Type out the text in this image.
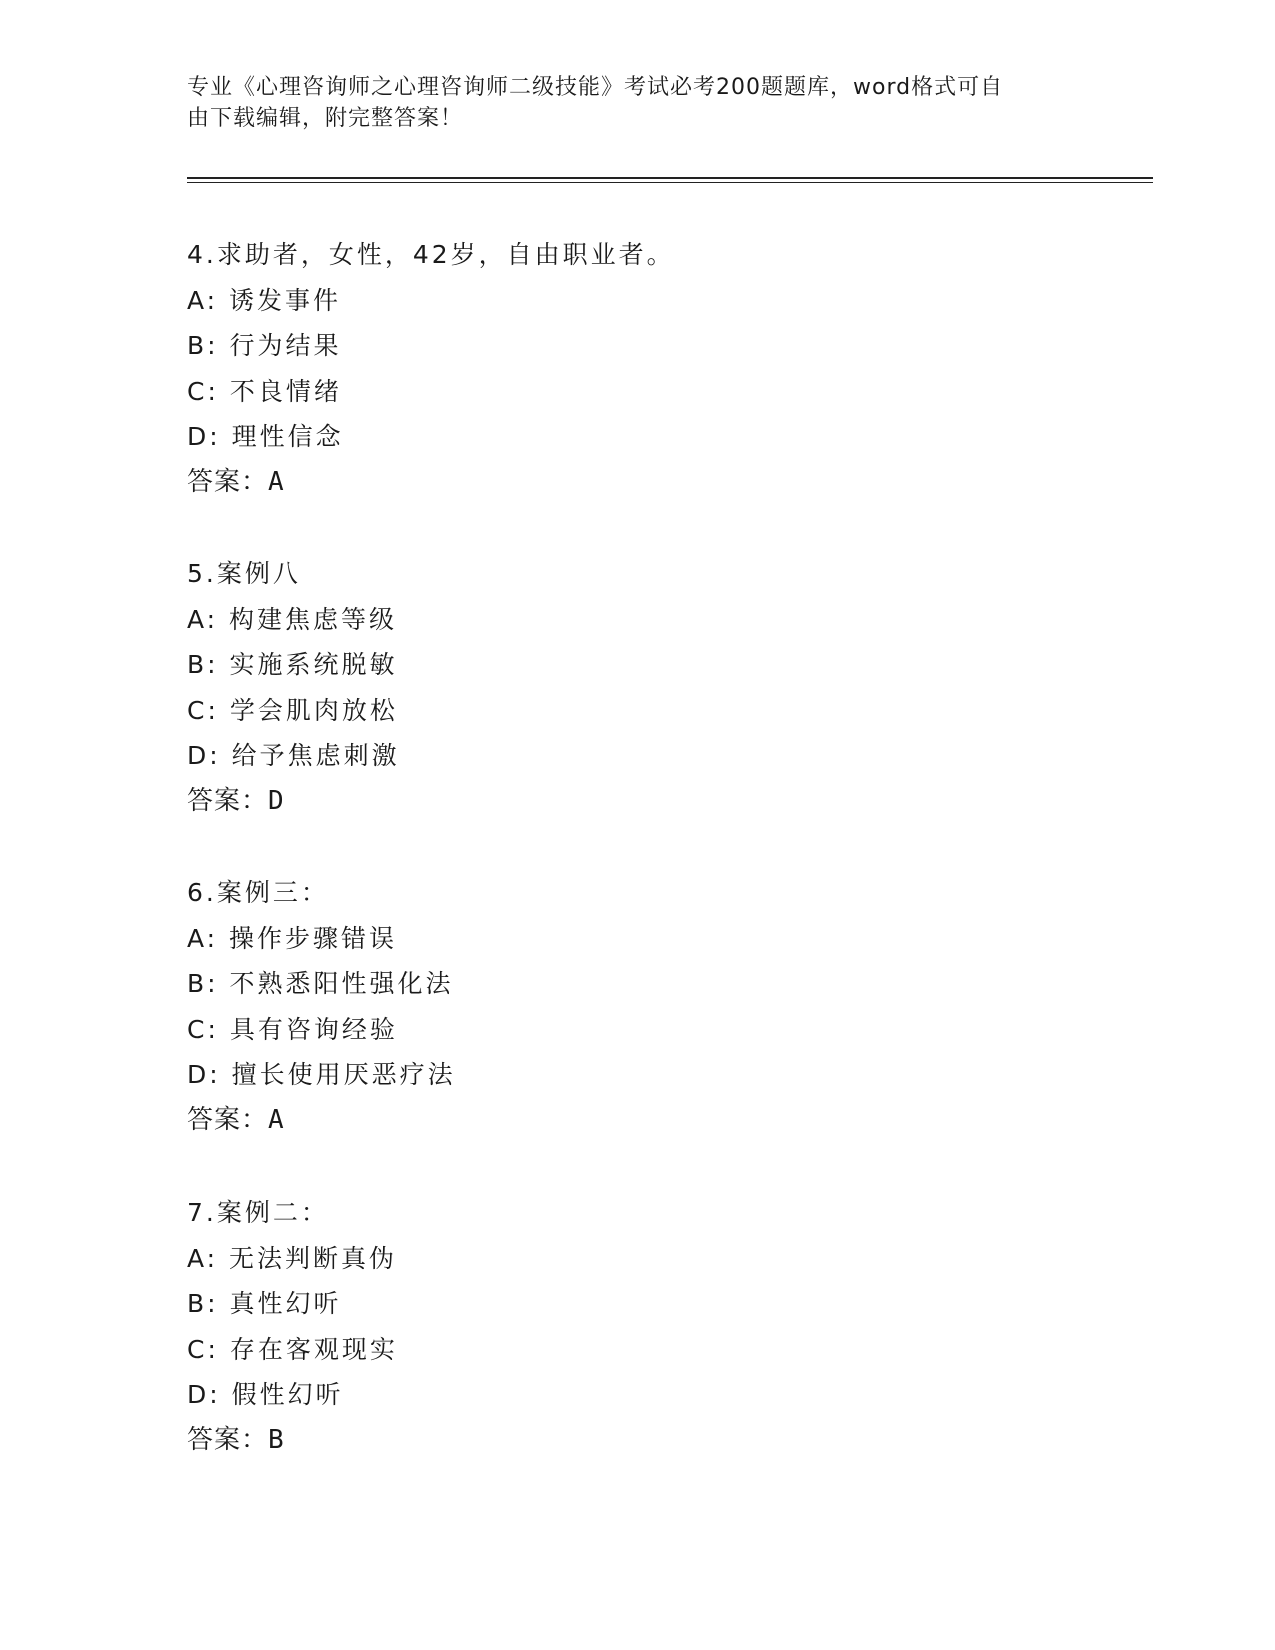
专业《心理咨询师之心理咨询师二级技能》考试必考200题题库，word格式可自
由下载编辑，附完整答案！
4.求助者，女性，42岁，自由职业者。
A: 诱发事件
B: 行为结果
C: 不良情绪
D: 理性信念
答案：A
5.案例八
A: 构建焦虑等级
B: 实施系统脱敏
C: 学会肌肉放松
D: 给予焦虑刺激
答案：D
6.案例三：
A: 操作步骤错误
B: 不熟悉阳性强化法
C: 具有咨询经验
D: 擅长使用厌恶疗法
答案：A
7.案例二：
A: 无法判断真伪
B: 真性幻听
C: 存在客观现实
D: 假性幻听
答案：B
